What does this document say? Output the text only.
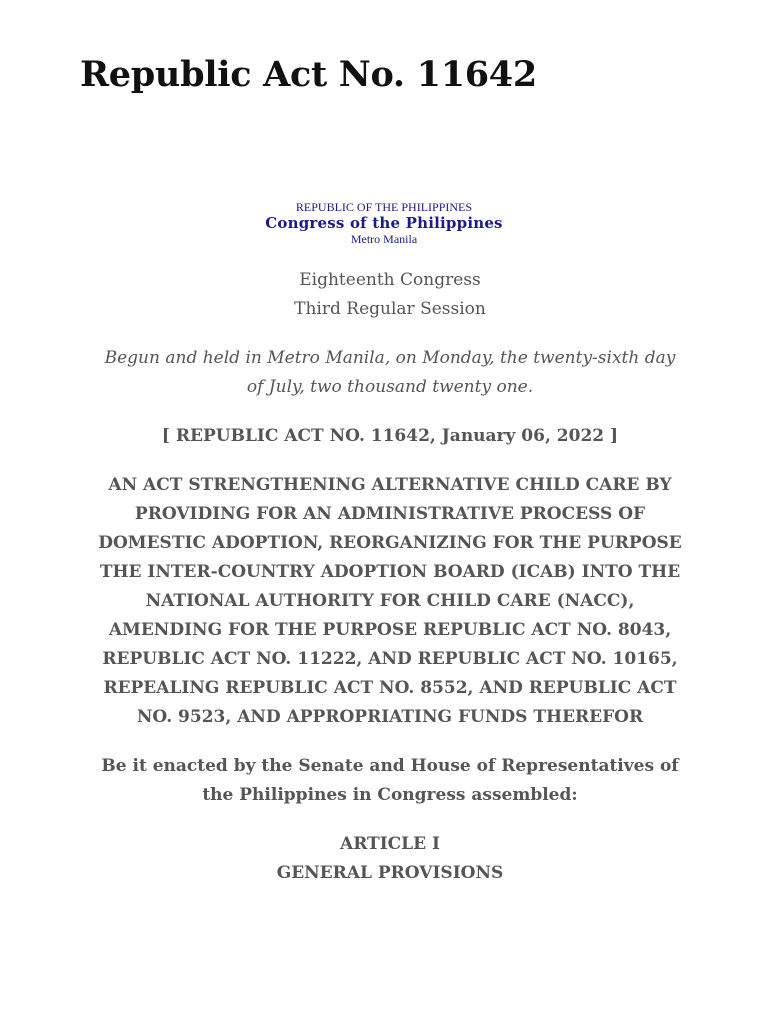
Republic Act No. 11642
REPUBLIC OF THE PHILIPPINES
Congress of the Philippines
Metro Manila

Eighteenth Congress

Third Regular Session

Begun and held in Metro Manila, on Monday, the twenty-sixth day of July, two thousand twenty one.

[ REPUBLIC ACT NO. 11642, January 06, 2022 ]

AN ACT STRENGTHENING ALTERNATIVE CHILD CARE BY PROVIDING FOR AN ADMINISTRATIVE PROCESS OF DOMESTIC ADOPTION, REORGANIZING FOR THE PURPOSE THE INTER-COUNTRY ADOPTION BOARD (ICAB) INTO THE NATIONAL AUTHORITY FOR CHILD CARE (NACC), AMENDING FOR THE PURPOSE REPUBLIC ACT NO. 8043, REPUBLIC ACT NO. 11222, AND REPUBLIC ACT NO. 10165, REPEALING REPUBLIC ACT NO. 8552, AND REPUBLIC ACT NO. 9523, AND APPROPRIATING FUNDS THEREFOR

Be it enacted by the Senate and House of Representatives of the Philippines in Congress assembled:

ARTICLE I

GENERAL PROVISIONS
